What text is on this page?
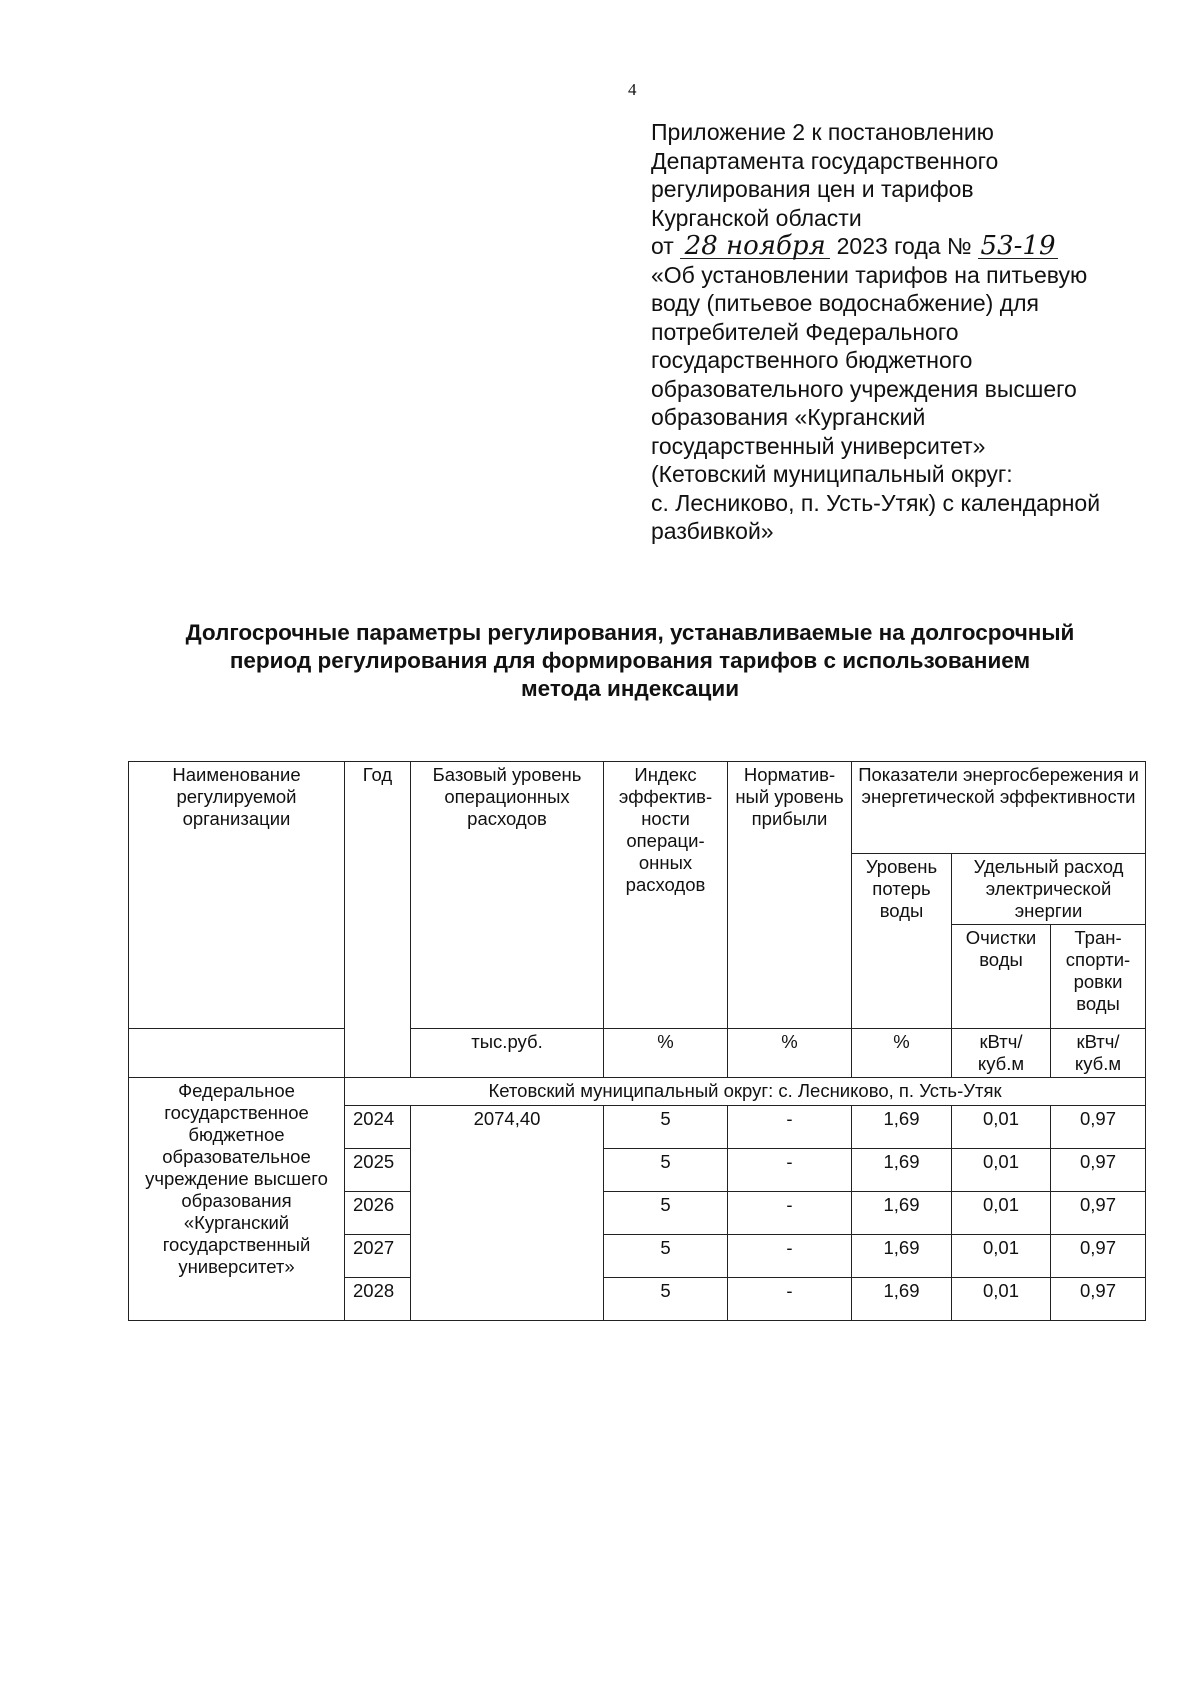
4
Приложение 2 к постановлению
Департамента государственного
регулирования цен и тарифов
Курганской области
от 28 ноября 2023 года № 53-19
«Об установлении тарифов на питьевую
воду (питьевое водоснабжение) для
потребителей Федерального
государственного бюджетного
образовательного учреждения высшего
образования «Курганский
государственный университет»
(Кетовский муниципальный округ:
с. Лесниково, п. Усть-Утяк) с календарной
разбивкой»
Долгосрочные параметры регулирования, устанавливаемые на долгосрочный
период регулирования для формирования тарифов с использованием
метода индексации
Наименование регулируемой организации	Год	Базовый уровень операционных расходов	Индекс эффектив- ности операци- онных расходов	Норматив- ный уровень прибыли	Показатели энергосбережения и энергетической эффективности		
					Уровень потерь воды	Удельный расход электрической энергии	
						Очистки воды	Тран- спорти- ровки воды
		тыс.руб.	%	%	%	кВтч/ куб.м	кВтч/ куб.м
Федеральное государственное бюджетное образовательное учреждение высшего образования «Курганский государственный университет»	Кетовский муниципальный округ: с. Лесниково, п. Усть-Утяк						
	2024	2074,40	5	-	1,69	0,01	0,97
	2025		5	-	1,69	0,01	0,97
	2026		5	-	1,69	0,01	0,97
	2027		5	-	1,69	0,01	0,97
	2028		5	-	1,69	0,01	0,97
